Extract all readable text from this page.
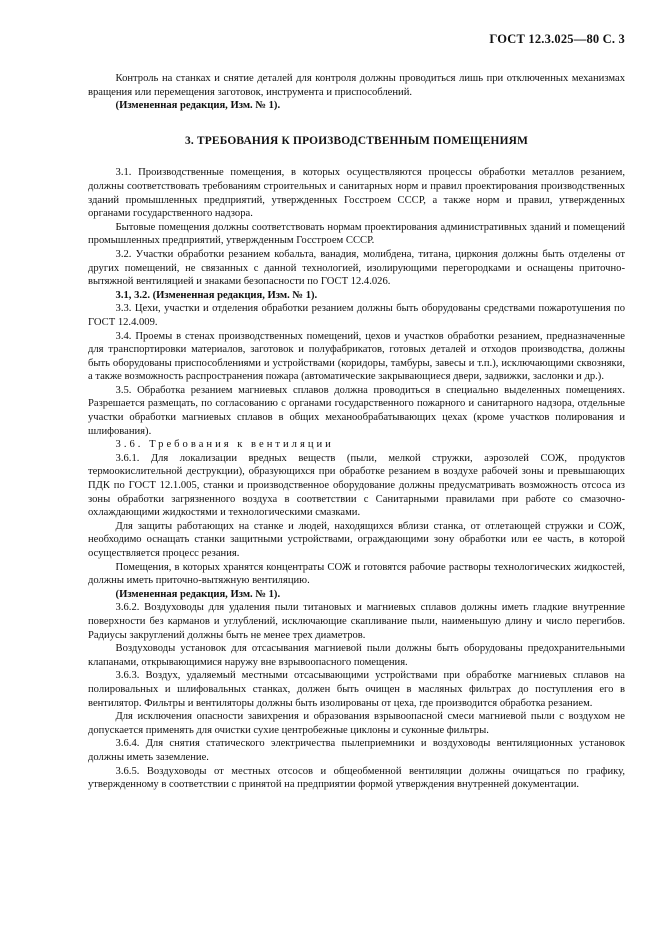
ГОСТ 12.3.025—80 С. 3

Контроль на станках и снятие деталей для контроля должны проводиться лишь при отключенных механизмах вращения или перемещения заготовок, инструмента и приспособлений.

(Измененная редакция, Изм. № 1).

3. ТРЕБОВАНИЯ К ПРОИЗВОДСТВЕННЫМ ПОМЕЩЕНИЯМ

3.1. Производственные помещения, в которых осуществляются процессы обработки металлов резанием, должны соответствовать требованиям строительных и санитарных норм и правил проектирования производственных зданий промышленных предприятий, утвержденных Госстроем СССР, а также норм и правил, утвержденных органами государственного надзора.

Бытовые помещения должны соответствовать нормам проектирования административных зданий и помещений промышленных предприятий, утвержденным Госстроем СССР.

3.2. Участки обработки резанием кобальта, ванадия, молибдена, титана, циркония должны быть отделены от других помещений, не связанных с данной технологией, изолирующими перегородками и оснащены приточно-вытяжной вентиляцией и знаками безопасности по ГОСТ 12.4.026.

3.1, 3.2. (Измененная редакция, Изм. № 1).

3.3. Цехи, участки и отделения обработки резанием должны быть оборудованы средствами пожаротушения по ГОСТ 12.4.009.

3.4. Проемы в стенах производственных помещений, цехов и участков обработки резанием, предназначенные для транспортировки материалов, заготовок и полуфабрикатов, готовых деталей и отходов производства, должны быть оборудованы приспособлениями и устройствами (коридоры, тамбуры, завесы и т.п.), исключающими сквозняки, а также возможность распространения пожара (автоматические закрывающиеся двери, задвижки, заслонки и др.).

3.5. Обработка резанием магниевых сплавов должна проводиться в специально выделенных помещениях. Разрешается размещать, по согласованию с органами государственного пожарного и санитарного надзора, отдельные участки обработки магниевых сплавов в общих механообрабатывающих цехах (кроме участков полирования и шлифования).

3.6. Требования к вентиляции

3.6.1. Для локализации вредных веществ (пыли, мелкой стружки, аэрозолей СОЖ, продуктов термоокислительной деструкции), образующихся при обработке резанием в воздухе рабочей зоны и превышающих ПДК по ГОСТ 12.1.005, станки и производственное оборудование должны предусматривать возможность отсоса из зоны обработки загрязненного воздуха в соответствии с Санитарными правилами при работе со смазочно-охлаждающими жидкостями и технологическими смазками.

Для защиты работающих на станке и людей, находящихся вблизи станка, от отлетающей стружки и СОЖ, необходимо оснащать станки защитными устройствами, ограждающими зону обработки или ее часть, в которой осуществляется процесс резания.

Помещения, в которых хранятся концентраты СОЖ и готовятся рабочие растворы технологических жидкостей, должны иметь приточно-вытяжную вентиляцию.

(Измененная редакция, Изм. № 1).

3.6.2. Воздуховоды для удаления пыли титановых и магниевых сплавов должны иметь гладкие внутренние поверхности без карманов и углублений, исключающие скапливание пыли, наименьшую длину и число перегибов. Радиусы закруглений должны быть не менее трех диаметров.

Воздуховоды установок для отсасывания магниевой пыли должны быть оборудованы предохранительными клапанами, открывающимися наружу вне взрывоопасного помещения.

3.6.3. Воздух, удаляемый местными отсасывающими устройствами при обработке магниевых сплавов на полировальных и шлифовальных станках, должен быть очищен в масляных фильтрах до поступления его в вентилятор. Фильтры и вентиляторы должны быть изолированы от цеха, где производится обработка резанием.

Для исключения опасности завихрения и образования взрывоопасной смеси магниевой пыли с воздухом не допускается применять для очистки сухие центробежные циклоны и суконные фильтры.

3.6.4. Для снятия статического электричества пылеприемники и воздуховоды вентиляционных установок должны иметь заземление.

3.6.5. Воздуховоды от местных отсосов и общеобменной вентиляции должны очищаться по графику, утвержденному в соответствии с принятой на предприятии формой утверждения внутренней документации.
